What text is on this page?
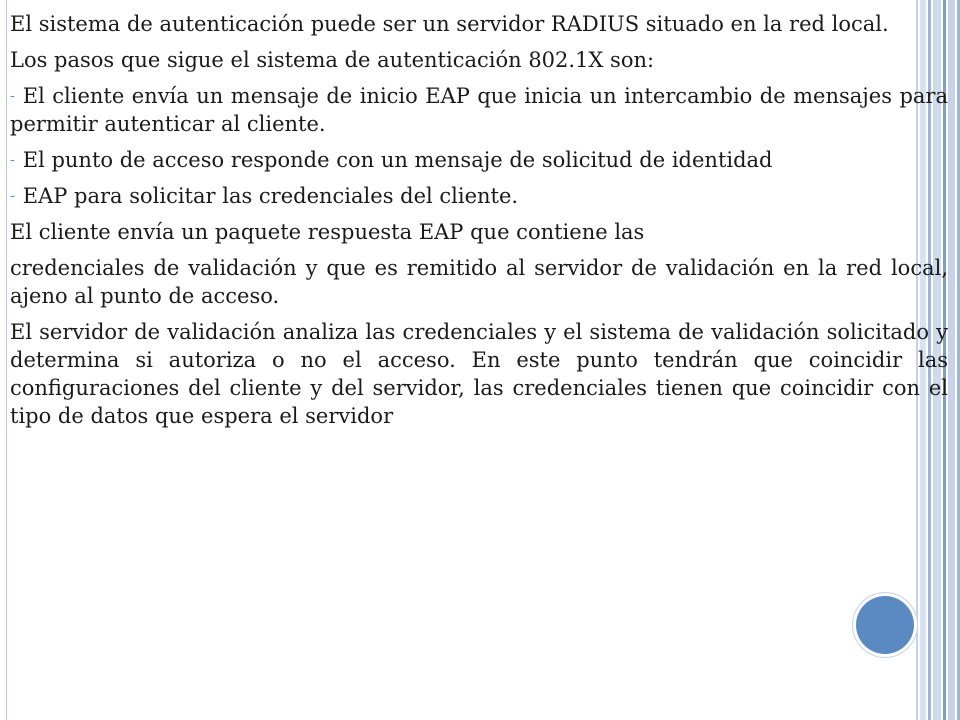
El sistema de autenticación puede ser un servidor RADIUS situado en la red local.

Los pasos que sigue el sistema de autenticación 802.1X son:

- El cliente envía un mensaje de inicio EAP que inicia un intercambio de mensajes para permitir autenticar al cliente.

- El punto de acceso responde con un mensaje de solicitud de identidad

- EAP para solicitar las credenciales del cliente.

El cliente envía un paquete respuesta EAP que contiene las

credenciales de validación y que es remitido al servidor de validación en la red local, ajeno al punto de acceso.

El servidor de validación analiza las credenciales y el sistema de validación solicitado y determina si autoriza o no el acceso. En este punto tendrán que coincidir las configuraciones del cliente y del servidor, las credenciales tienen que coincidir con el tipo de datos que espera el servidor
